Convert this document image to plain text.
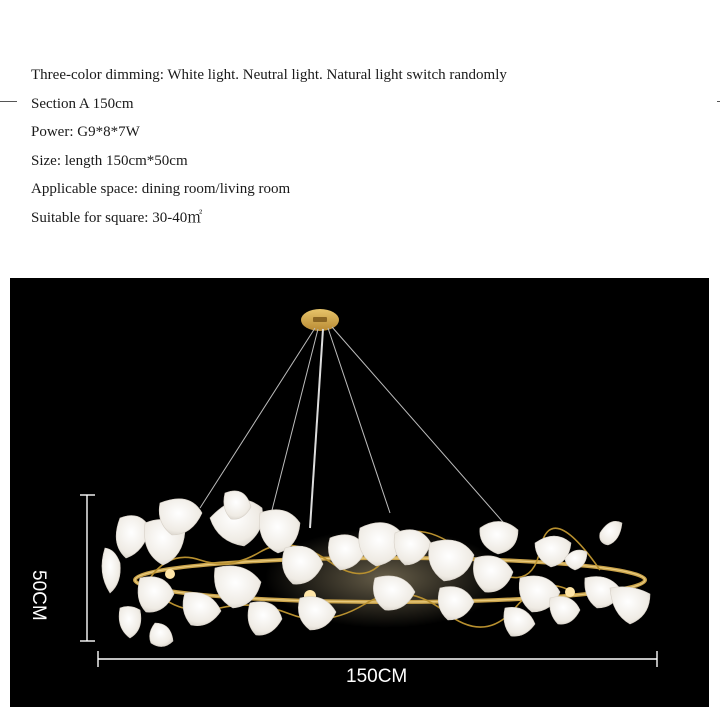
Three-color dimming: White light. Neutral light. Natural light switch randomly
Section A 150cm
Power: G9*8*7W
Size: length 150cm*50cm
Applicable space: dining room/living room
Suitable for square: 30-40㎡
150CM
50CM
